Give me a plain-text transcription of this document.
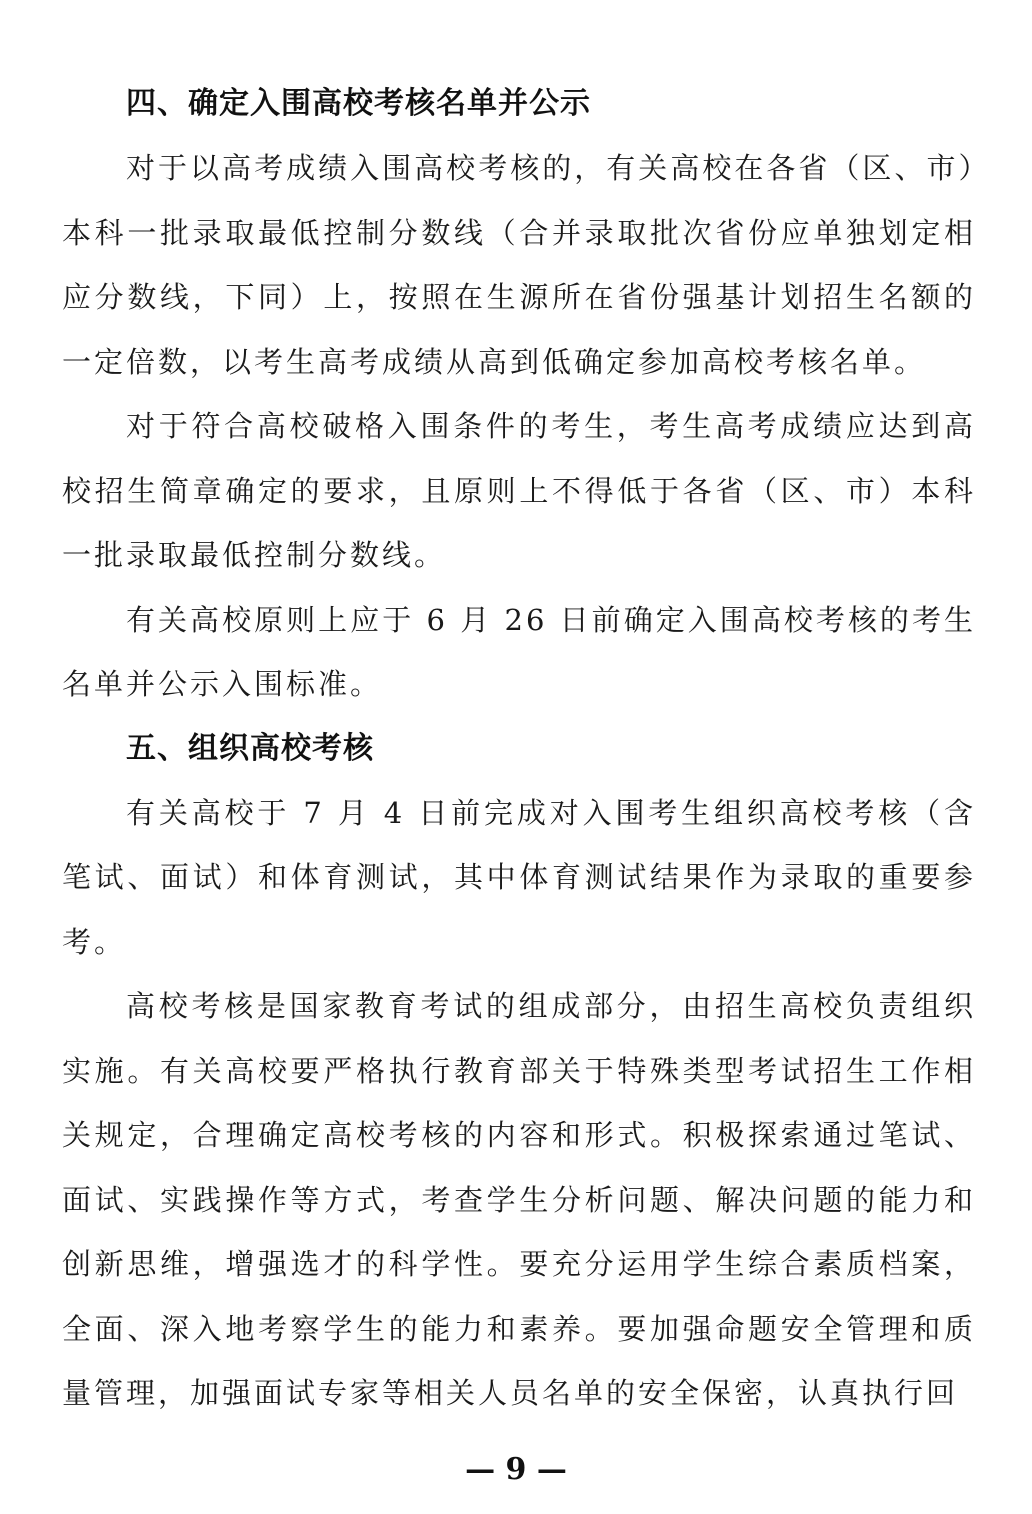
四、确定入围高校考核名单并公示

对于以高考成绩入围高校考核的，有关高校在各省（区、市）本科一批录取最低控制分数线（合并录取批次省份应单独划定相应分数线，下同）上，按照在生源所在省份强基计划招生名额的一定倍数，以考生高考成绩从高到低确定参加高校考核名单。

对于符合高校破格入围条件的考生，考生高考成绩应达到高校招生简章确定的要求，且原则上不得低于各省（区、市）本科一批录取最低控制分数线。

有关高校原则上应于 6 月 26 日前确定入围高校考核的考生名单并公示入围标准。

五、组织高校考核

有关高校于 7 月 4 日前完成对入围考生组织高校考核（含笔试、面试）和体育测试，其中体育测试结果作为录取的重要参考。

高校考核是国家教育考试的组成部分，由招生高校负责组织实施。有关高校要严格执行教育部关于特殊类型考试招生工作相关规定，合理确定高校考核的内容和形式。积极探索通过笔试、面试、实践操作等方式，考查学生分析问题、解决问题的能力和创新思维，增强选才的科学性。要充分运用学生综合素质档案，全面、深入地考察学生的能力和素养。要加强命题安全管理和质量管理，加强面试专家等相关人员名单的安全保密，认真执行回

— 9 —
